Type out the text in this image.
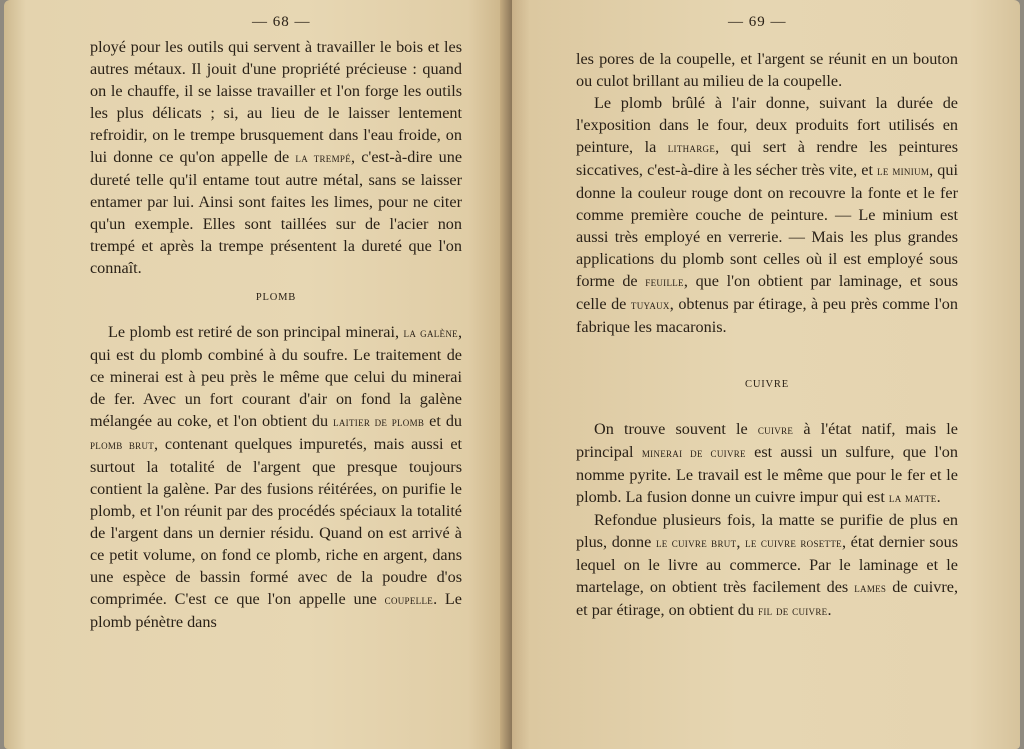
— 68 —

ployé pour les outils qui servent à travailler le bois et les autres métaux. Il jouit d'une propriété précieuse : quand on le chauffe, il se laisse travailler et l'on forge les outils les plus délicats ; si, au lieu de le laisser lentement refroidir, on le trempe brusquement dans l'eau froide, on lui donne ce qu'on appelle de la trempé, c'est-à-dire une dureté telle qu'il entame tout autre métal, sans se laisser entamer par lui. Ainsi sont faites les limes, pour ne citer qu'un exemple. Elles sont taillées sur de l'acier non trempé et après la trempe présentent la dureté que l'on connaît.

PLOMB

Le plomb est retiré de son principal minerai, la galène, qui est du plomb combiné à du soufre. Le traitement de ce minerai est à peu près le même que celui du minerai de fer. Avec un fort courant d'air on fond la galène mélangée au coke, et l'on obtient du laitier de plomb et du plomb brut, contenant quelques impuretés, mais aussi et surtout la totalité de l'argent que presque toujours contient la galène. Par des fusions réitérées, on purifie le plomb, et l'on réunit par des procédés spéciaux la totalité de l'argent dans un dernier résidu. Quand on est arrivé à ce petit volume, on fond ce plomb, riche en argent, dans une espèce de bassin formé avec de la poudre d'os comprimée. C'est ce que l'on appelle une coupelle. Le plomb pénètre dans

— 69 —

les pores de la coupelle, et l'argent se réunit en un bouton ou culot brillant au milieu de la coupelle.

Le plomb brûlé à l'air donne, suivant la durée de l'exposition dans le four, deux produits fort utilisés en peinture, la litharge, qui sert à rendre les peintures siccatives, c'est-à-dire à les sécher très vite, et le minium, qui donne la couleur rouge dont on recouvre la fonte et le fer comme première couche de peinture. — Le minium est aussi très employé en verrerie. — Mais les plus grandes applications du plomb sont celles où il est employé sous forme de feuille, que l'on obtient par laminage, et sous celle de tuyaux, obtenus par étirage, à peu près comme l'on fabrique les macaronis.

CUIVRE

On trouve souvent le cuivre à l'état natif, mais le principal minerai de cuivre est aussi un sulfure, que l'on nomme pyrite. Le travail est le même que pour le fer et le plomb. La fusion donne un cuivre impur qui est la matte.

Refondue plusieurs fois, la matte se purifie de plus en plus, donne le cuivre brut, le cuivre rosette, état dernier sous lequel on le livre au commerce. Par le laminage et le martelage, on obtient très facilement des lames de cuivre, et par étirage, on obtient du fil de cuivre.
